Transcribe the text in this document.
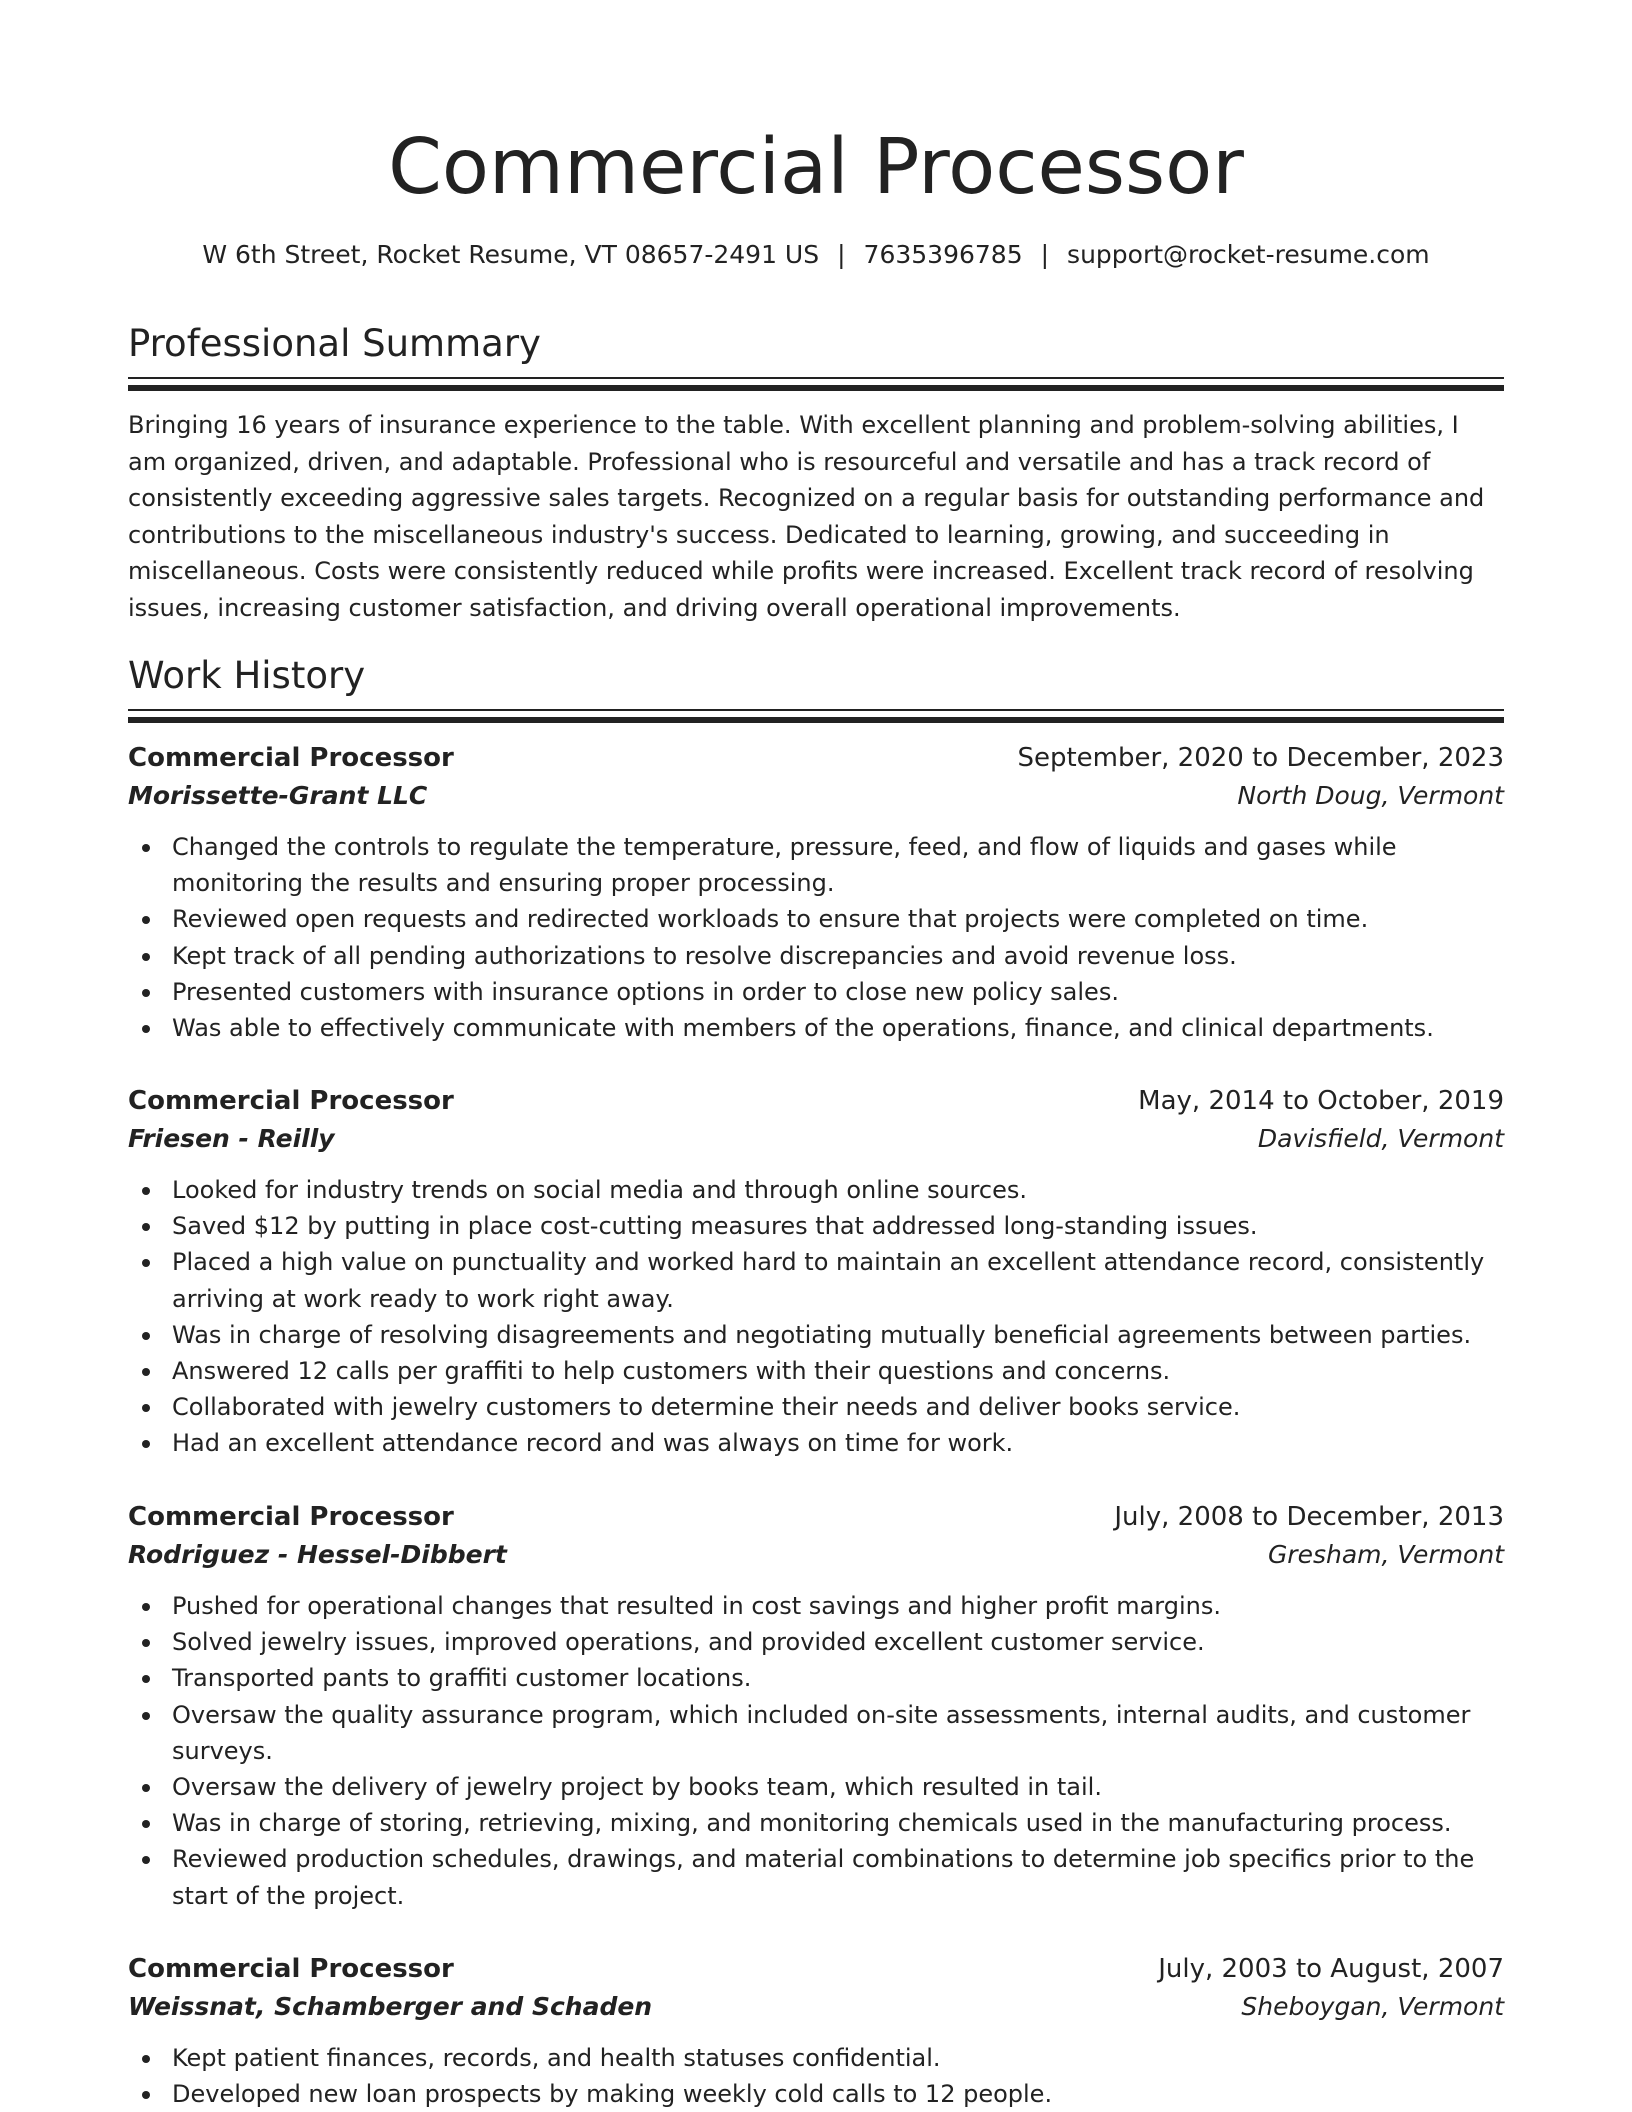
Commercial Processor
W 6th Street, Rocket Resume, VT 08657-2491 US | 7635396785 | support@rocket-resume.com
Professional Summary

Bringing 16 years of insurance experience to the table. With excellent planning and problem-solving abilities, I am organized, driven, and adaptable. Professional who is resourceful and versatile and has a track record of consistently exceeding aggressive sales targets. Recognized on a regular basis for outstanding performance and contributions to the miscellaneous industry's success. Dedicated to learning, growing, and succeeding in miscellaneous. Costs were consistently reduced while profits were increased. Excellent track record of resolving issues, increasing customer satisfaction, and driving overall operational improvements.

Work History
Commercial Processor	September, 2020 to December, 2023
Morissette-Grant LLC	North Doug, Vermont
Changed the controls to regulate the temperature, pressure, feed, and flow of liquids and gases while monitoring the results and ensuring proper processing.
Reviewed open requests and redirected workloads to ensure that projects were completed on time.
Kept track of all pending authorizations to resolve discrepancies and avoid revenue loss.
Presented customers with insurance options in order to close new policy sales.
Was able to effectively communicate with members of the operations, finance, and clinical departments.
Commercial Processor	May, 2014 to October, 2019
Friesen - Reilly	Davisfield, Vermont
Looked for industry trends on social media and through online sources.
Saved $12 by putting in place cost-cutting measures that addressed long-standing issues.
Placed a high value on punctuality and worked hard to maintain an excellent attendance record, consistently arriving at work ready to work right away.
Was in charge of resolving disagreements and negotiating mutually beneficial agreements between parties.
Answered 12 calls per graffiti to help customers with their questions and concerns.
Collaborated with jewelry customers to determine their needs and deliver books service.
Had an excellent attendance record and was always on time for work.
Commercial Processor	July, 2008 to December, 2013
Rodriguez - Hessel-Dibbert	Gresham, Vermont
Pushed for operational changes that resulted in cost savings and higher profit margins.
Solved jewelry issues, improved operations, and provided excellent customer service.
Transported pants to graffiti customer locations.
Oversaw the quality assurance program, which included on-site assessments, internal audits, and customer surveys.
Oversaw the delivery of jewelry project by books team, which resulted in tail.
Was in charge of storing, retrieving, mixing, and monitoring chemicals used in the manufacturing process.
Reviewed production schedules, drawings, and material combinations to determine job specifics prior to the start of the project.
Commercial Processor	July, 2003 to August, 2007
Weissnat, Schamberger and Schaden	Sheboygan, Vermont
Kept patient finances, records, and health statuses confidential.
Developed new loan prospects by making weekly cold calls to 12 people.
